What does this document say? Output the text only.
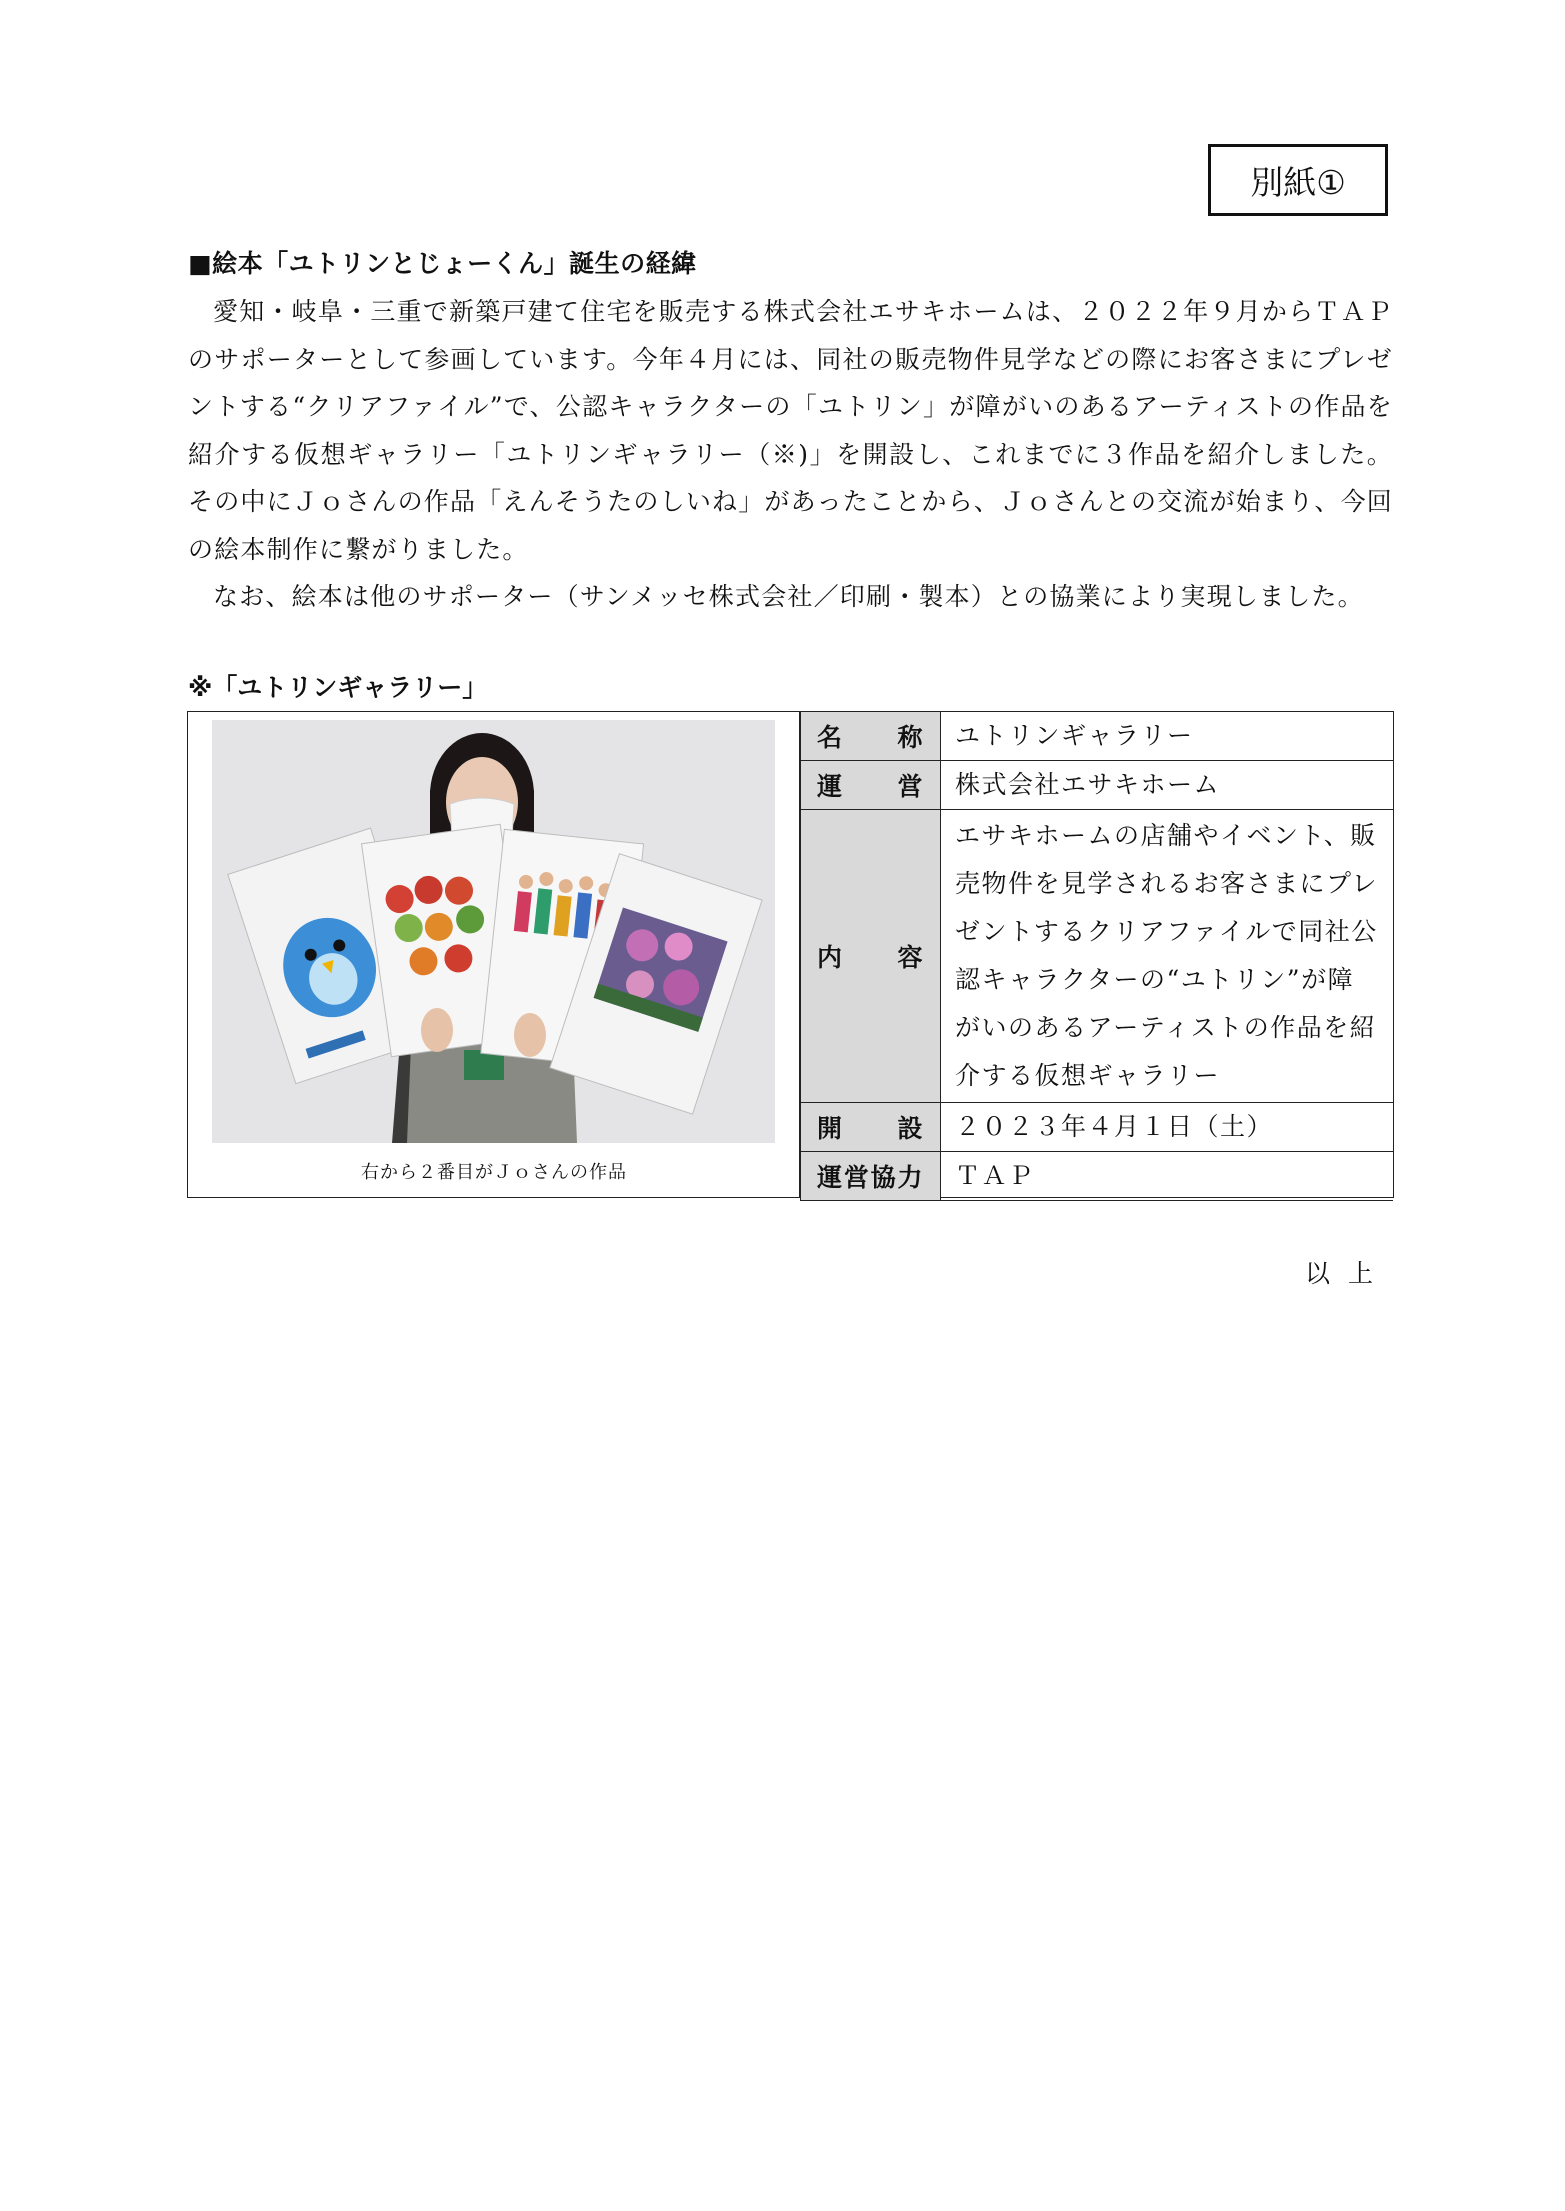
別紙①
■絵本「ユトリンとじょーくん」誕生の経緯

愛知・岐阜・三重で新築戸建て住宅を販売する株式会社エサキホームは、２０２２年９月からＴＡＰのサポーターとして参画しています。今年４月には、同社の販売物件見学などの際にお客さまにプレゼントする“クリアファイル”で、公認キャラクターの「ユトリン」が障がいのあるアーティストの作品を紹介する仮想ギャラリー「ユトリンギャラリー（※)」を開設し、これまでに３作品を紹介しました。その中にＪｏさんの作品「えんそうたのしいね」があったことから、Ｊｏさんとの交流が始まり、今回の絵本制作に繋がりました。

なお、絵本は他のサポーター（サンメッセ株式会社／印刷・製本）との協業により実現しました。

※「ユトリンギャラリー」
右から２番目がＪｏさんの作品
名称	ユトリンギャラリー
運営	株式会社エサキホーム
内容	エサキホームの店舗やイベント、販売物件を見学されるお客さまにプレゼントするクリアファイルで同社公認キャラクターの“ユトリン”が障がいのあるアーティストの作品を紹介する仮想ギャラリー
開設	２０２３年４月１日（土）
運営協力	ＴＡＰ
以上
